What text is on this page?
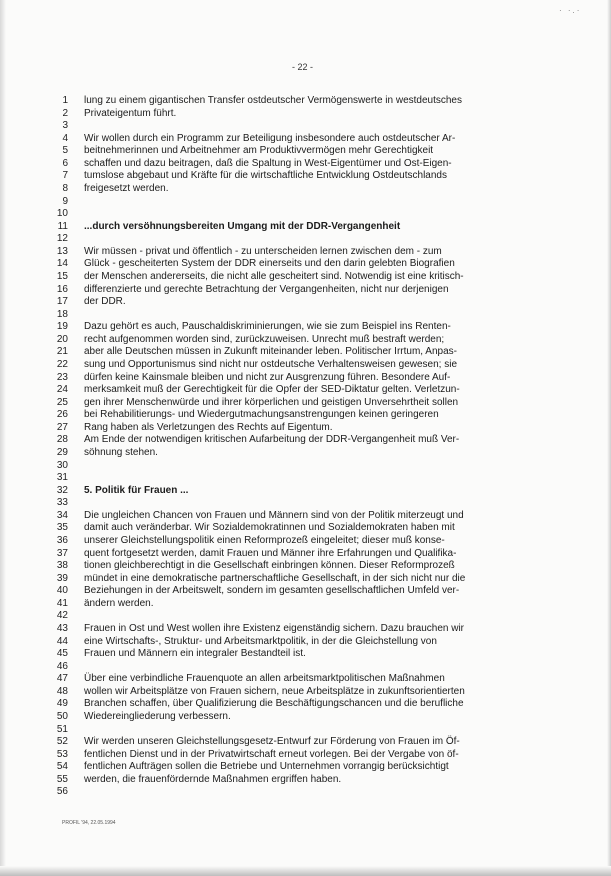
· ·.·
- 22 -
1 lung zu einem gigantischen Transfer ostdeutscher Vermögenswerte in westdeutsches
2 Privateigentum führt.
3
4 Wir wollen durch ein Programm zur Beteiligung insbesondere auch ostdeutscher Ar-
5 beitnehmerinnen und Arbeitnehmer am Produktivvermögen mehr Gerechtigkeit
6 schaffen und dazu beitragen, daß die Spaltung in West-Eigentümer und Ost-Eigen-
7 tumslose abgebaut und Kräfte für die wirtschaftliche Entwicklung Ostdeutschlands
8 freigesetzt werden.
9
10
11 ...durch versöhnungsbereiten Umgang mit der DDR-Vergangenheit
12
13 Wir müssen - privat und öffentlich - zu unterscheiden lernen zwischen dem - zum
14 Glück - gescheiterten System der DDR einerseits und den darin gelebten Biografien
15 der Menschen andererseits, die nicht alle gescheitert sind. Notwendig ist eine kritisch-
16 differenzierte und gerechte Betrachtung der Vergangenheiten, nicht nur derjenigen
17 der DDR.
18
19 Dazu gehört es auch, Pauschaldiskriminierungen, wie sie zum Beispiel ins Renten-
20 recht aufgenommen worden sind, zurückzuweisen. Unrecht muß bestraft werden;
21 aber alle Deutschen müssen in Zukunft miteinander leben. Politischer Irrtum, Anpas-
22 sung und Opportunismus sind nicht nur ostdeutsche Verhaltensweisen gewesen; sie
23 dürfen keine Kainsmale bleiben und nicht zur Ausgrenzung führen. Besondere Auf-
24 merksamkeit muß der Gerechtigkeit für die Opfer der SED-Diktatur gelten. Verletzun-
25 gen ihrer Menschenwürde und ihrer körperlichen und geistigen Unversehrtheit sollen
26 bei Rehabilitierungs- und Wiedergutmachungsanstrengungen keinen geringeren
27 Rang haben als Verletzungen des Rechts auf Eigentum.
28 Am Ende der notwendigen kritischen Aufarbeitung der DDR-Vergangenheit muß Ver-
29 söhnung stehen.
30
31
32 5. Politik für Frauen ...
33
34 Die ungleichen Chancen von Frauen und Männern sind von der Politik miterzeugt und
35 damit auch veränderbar. Wir Sozialdemokratinnen und Sozialdemokraten haben mit
36 unserer Gleichstellungspolitik einen Reformprozeß eingeleitet; dieser muß konse-
37 quent fortgesetzt werden, damit Frauen und Männer ihre Erfahrungen und Qualifika-
38 tionen gleichberechtigt in die Gesellschaft einbringen können. Dieser Reformprozeß
39 mündet in eine demokratische partnerschaftliche Gesellschaft, in der sich nicht nur die
40 Beziehungen in der Arbeitswelt, sondern im gesamten gesellschaftlichen Umfeld ver-
41 ändern werden.
42
43 Frauen in Ost und West wollen ihre Existenz eigenständig sichern. Dazu brauchen wir
44 eine Wirtschafts-, Struktur- und Arbeitsmarktpolitik, in der die Gleichstellung von
45 Frauen und Männern ein integraler Bestandteil ist.
46
47 Über eine verbindliche Frauenquote an allen arbeitsmarktpolitischen Maßnahmen
48 wollen wir Arbeitsplätze von Frauen sichern, neue Arbeitsplätze in zukunftsorientierten
49 Branchen schaffen, über Qualifizierung die Beschäftigungschancen und die berufliche
50 Wiedereingliederung verbessern.
51
52 Wir werden unseren Gleichstellungsgesetz-Entwurf zur Förderung von Frauen im Öf-
53 fentlichen Dienst und in der Privatwirtschaft erneut vorlegen. Bei der Vergabe von öf-
54 fentlichen Aufträgen sollen die Betriebe und Unternehmen vorrangig berücksichtigt
55 werden, die frauenfördernde Maßnahmen ergriffen haben.
56
PROFIL '94, 22.05.1994
